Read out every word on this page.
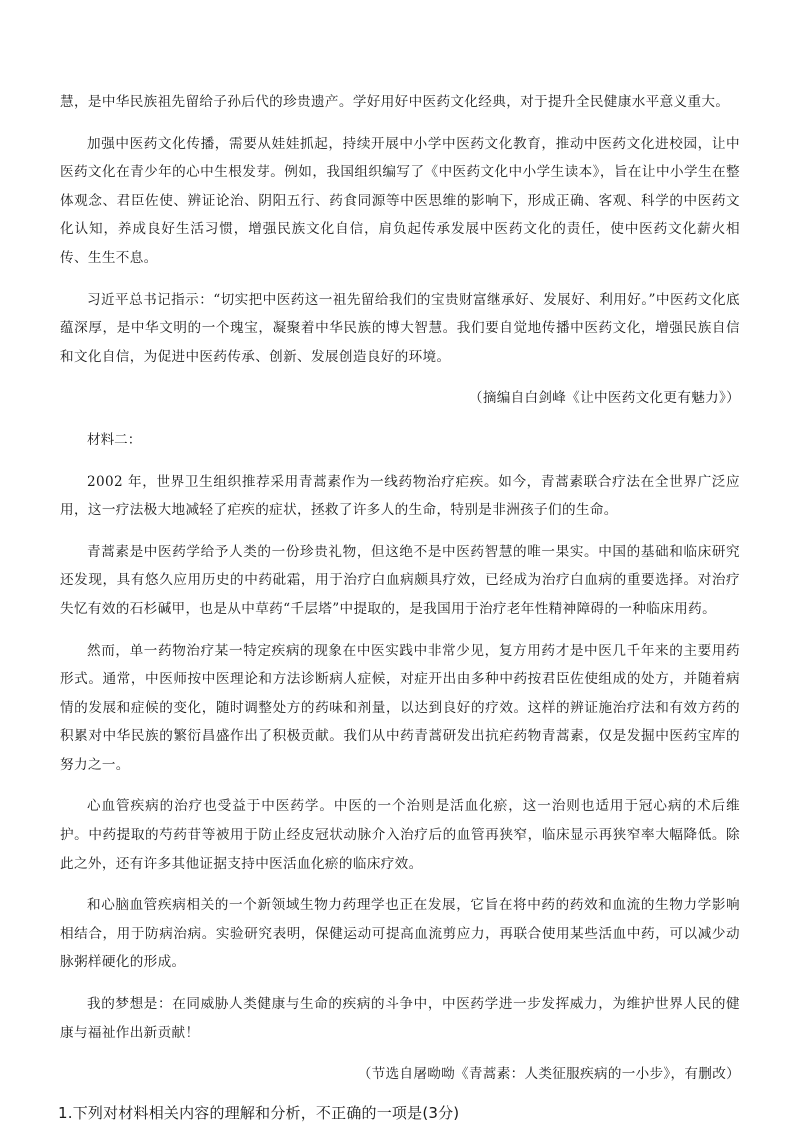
慧，是中华民族祖先留给子孙后代的珍贵遗产。学好用好中医药文化经典，对于提升全民健康水平意义重大。

加强中医药文化传播，需要从娃娃抓起，持续开展中小学中医药文化教育，推动中医药文化进校园，让中医药文化在青少年的心中生根发芽。例如，我国组织编写了《中医药文化中小学生读本》，旨在让中小学生在整体观念、君臣佐使、辨证论治、阴阳五行、药食同源等中医思维的影响下，形成正确、客观、科学的中医药文化认知，养成良好生活习惯，增强民族文化自信，肩负起传承发展中医药文化的责任，使中医药文化薪火相传、生生不息。

习近平总书记指示：“切实把中医药这一祖先留给我们的宝贵财富继承好、发展好、利用好。”中医药文化底蕴深厚，是中华文明的一个瑰宝，凝聚着中华民族的博大智慧。我们要自觉地传播中医药文化，增强民族自信和文化自信，为促进中医药传承、创新、发展创造良好的环境。

（摘编自白剑峰《让中医药文化更有魅力》）

材料二：

2002 年，世界卫生组织推荐采用青蒿素作为一线药物治疗疟疾。如今，青蒿素联合疗法在全世界广泛应用，这一疗法极大地减轻了疟疾的症状，拯救了许多人的生命，特别是非洲孩子们的生命。

青蒿素是中医药学给予人类的一份珍贵礼物，但这绝不是中医药智慧的唯一果实。中国的基础和临床研究还发现，具有悠久应用历史的中药砒霜，用于治疗白血病颇具疗效，已经成为治疗白血病的重要选择。对治疗失忆有效的石杉碱甲，也是从中草药“千层塔”中提取的，是我国用于治疗老年性精神障碍的一种临床用药。

然而，单一药物治疗某一特定疾病的现象在中医实践中非常少见，复方用药才是中医几千年来的主要用药形式。通常，中医师按中医理论和方法诊断病人症候，对症开出由多种中药按君臣佐使组成的处方，并随着病情的发展和症候的变化，随时调整处方的药味和剂量，以达到良好的疗效。这样的辨证施治疗法和有效方药的积累对中华民族的繁衍昌盛作出了积极贡献。我们从中药青蒿研发出抗疟药物青蒿素，仅是发掘中医药宝库的努力之一。

心血管疾病的治疗也受益于中医药学。中医的一个治则是活血化瘀，这一治则也适用于冠心病的术后维护。中药提取的芍药苷等被用于防止经皮冠状动脉介入治疗后的血管再狭窄，临床显示再狭窄率大幅降低。除此之外，还有许多其他证据支持中医活血化瘀的临床疗效。

和心脑血管疾病相关的一个新领域生物力药理学也正在发展，它旨在将中药的药效和血流的生物力学影响相结合，用于防病治病。实验研究表明，保健运动可提高血流剪应力，再联合使用某些活血中药，可以减少动脉粥样硬化的形成。

我的梦想是：在同威胁人类健康与生命的疾病的斗争中，中医药学进一步发挥威力，为维护世界人民的健康与福祉作出新贡献！

（节选自屠呦呦《青蒿素：人类征服疾病的一小步》，有删改）

1.下列对材料相关内容的理解和分析，不正确的一项是(3分)
